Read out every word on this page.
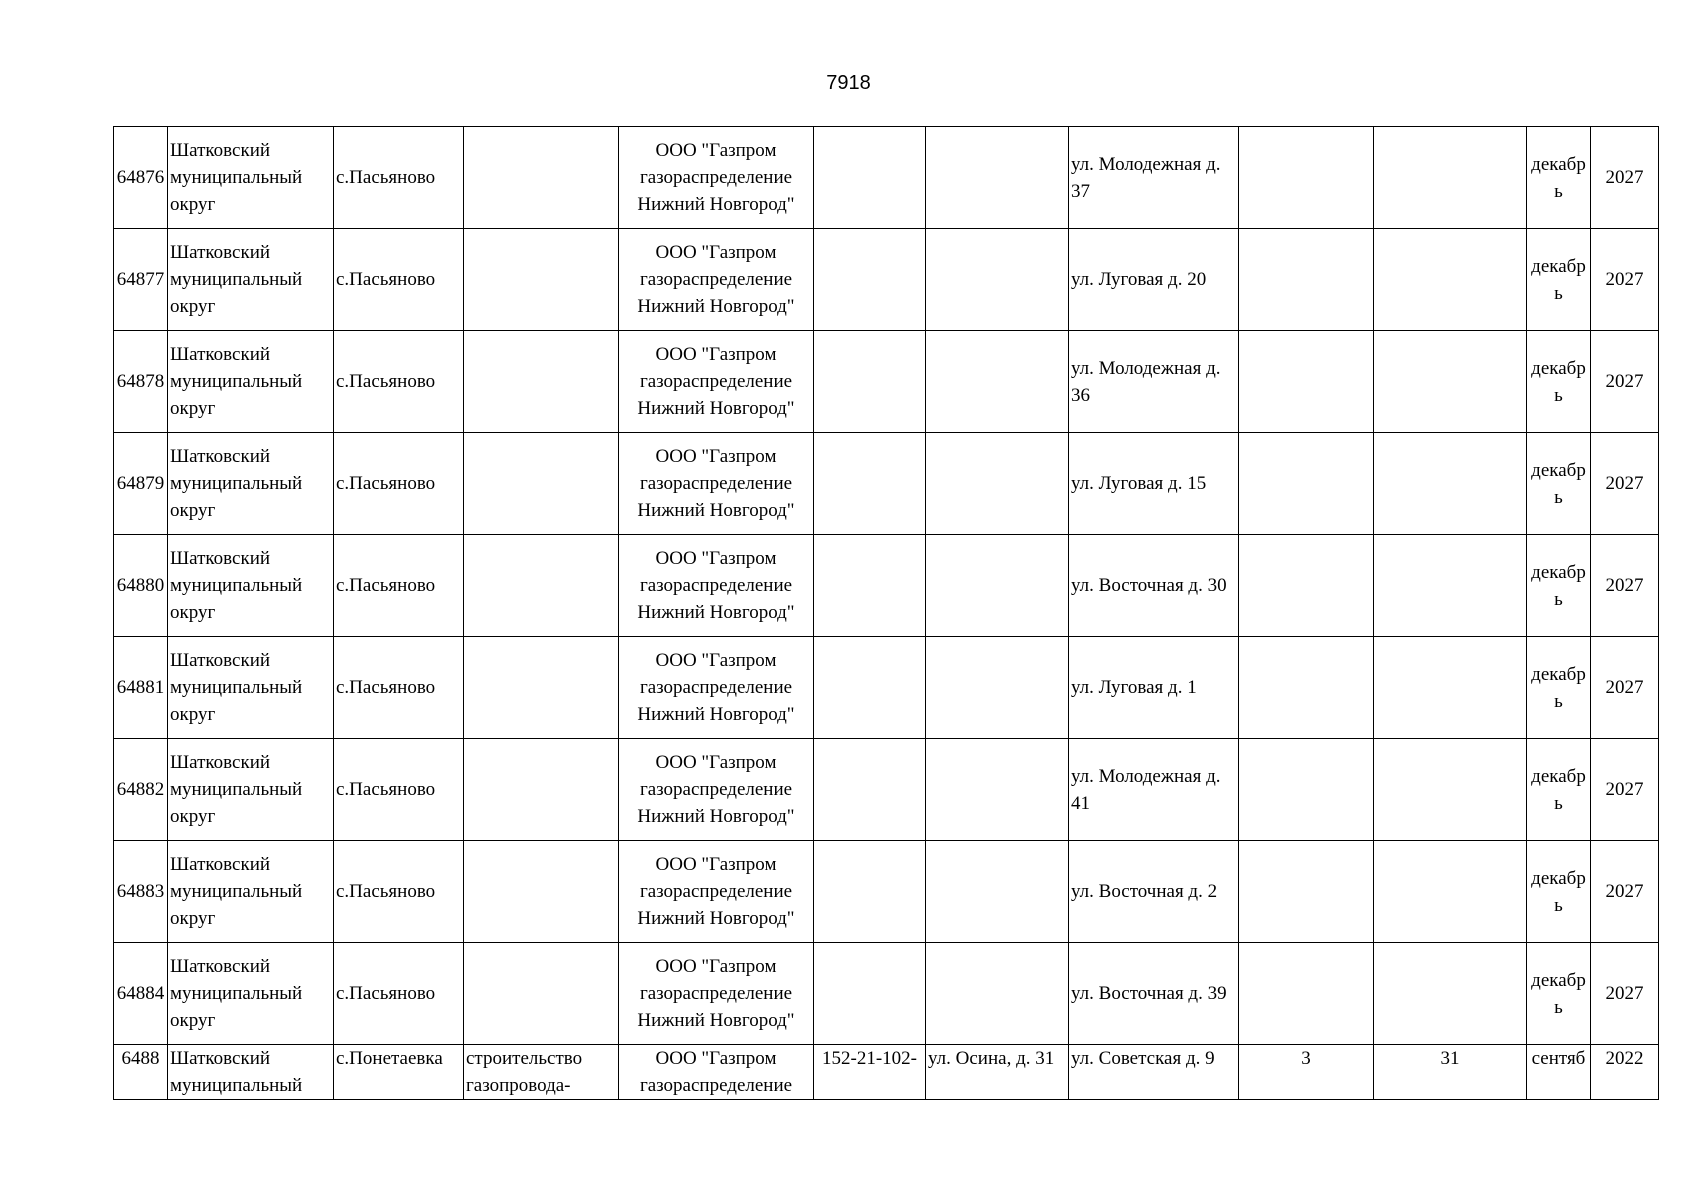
7918
64876	Шатковский муниципальный округ	с.Пасьяново		ООО "Газпром газораспределение Нижний Новгород"			ул. Молодежная д. 37			декабрь	2027
64877	Шатковский муниципальный округ	с.Пасьяново		ООО "Газпром газораспределение Нижний Новгород"			ул. Луговая д. 20			декабрь	2027
64878	Шатковский муниципальный округ	с.Пасьяново		ООО "Газпром газораспределение Нижний Новгород"			ул. Молодежная д. 36			декабрь	2027
64879	Шатковский муниципальный округ	с.Пасьяново		ООО "Газпром газораспределение Нижний Новгород"			ул. Луговая д. 15			декабрь	2027
64880	Шатковский муниципальный округ	с.Пасьяново		ООО "Газпром газораспределение Нижний Новгород"			ул. Восточная д. 30			декабрь	2027
64881	Шатковский муниципальный округ	с.Пасьяново		ООО "Газпром газораспределение Нижний Новгород"			ул. Луговая д. 1			декабрь	2027
64882	Шатковский муниципальный округ	с.Пасьяново		ООО "Газпром газораспределение Нижний Новгород"			ул. Молодежная д. 41			декабрь	2027
64883	Шатковский муниципальный округ	с.Пасьяново		ООО "Газпром газораспределение Нижний Новгород"			ул. Восточная д. 2			декабрь	2027
64884	Шатковский муниципальный округ	с.Пасьяново		ООО "Газпром газораспределение Нижний Новгород"			ул. Восточная д. 39			декабрь	2027
6488	Шатковский муниципальный	с.Понетаевка	строительство газопровода-	ООО "Газпром газораспределение	152-21-102-	ул. Осина, д. 31	ул. Советская д. 9	3	31	сентяб	2022
